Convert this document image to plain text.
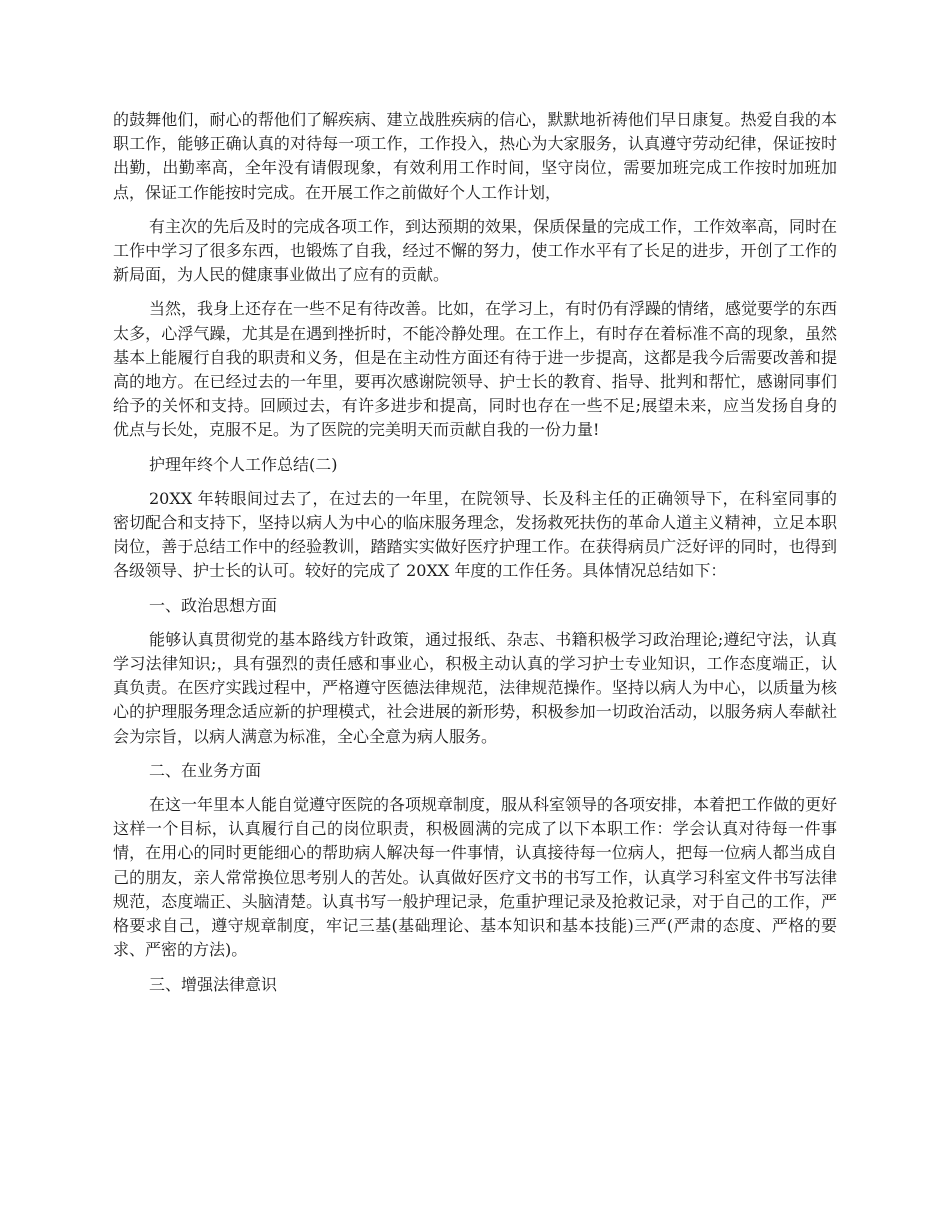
的鼓舞他们，耐心的帮他们了解疾病、建立战胜疾病的信心，默默地祈祷他们早日康复。热爱自我的本职工作，能够正确认真的对待每一项工作，工作投入，热心为大家服务，认真遵守劳动纪律，保证按时出勤，出勤率高，全年没有请假现象，有效利用工作时间，坚守岗位，需要加班完成工作按时加班加点，保证工作能按时完成。在开展工作之前做好个人工作计划，

有主次的先后及时的完成各项工作，到达预期的效果，保质保量的完成工作，工作效率高，同时在工作中学习了很多东西，也锻炼了自我，经过不懈的努力，使工作水平有了长足的进步，开创了工作的新局面，为人民的健康事业做出了应有的贡献。

当然，我身上还存在一些不足有待改善。比如，在学习上，有时仍有浮躁的情绪，感觉要学的东西太多，心浮气躁，尤其是在遇到挫折时，不能冷静处理。在工作上，有时存在着标准不高的现象，虽然基本上能履行自我的职责和义务，但是在主动性方面还有待于进一步提高，这都是我今后需要改善和提高的地方。在已经过去的一年里，要再次感谢院领导、护士长的教育、指导、批判和帮忙，感谢同事们给予的关怀和支持。回顾过去，有许多进步和提高，同时也存在一些不足;展望未来，应当发扬自身的优点与长处，克服不足。为了医院的完美明天而贡献自我的一份力量!

护理年终个人工作总结(二)

20XX 年转眼间过去了，在过去的一年里，在院领导、长及科主任的正确领导下，在科室同事的密切配合和支持下，坚持以病人为中心的临床服务理念，发扬救死扶伤的革命人道主义精神，立足本职岗位，善于总结工作中的经验教训，踏踏实实做好医疗护理工作。在获得病员广泛好评的同时，也得到各级领导、护士长的认可。较好的完成了 20XX 年度的工作任务。具体情况总结如下：

一、政治思想方面

能够认真贯彻党的基本路线方针政策，通过报纸、杂志、书籍积极学习政治理论;遵纪守法，认真学习法律知识;，具有强烈的责任感和事业心，积极主动认真的学习护士专业知识，工作态度端正，认真负责。在医疗实践过程中，严格遵守医德法律规范，法律规范操作。坚持以病人为中心，以质量为核心的护理服务理念适应新的护理模式，社会进展的新形势，积极参加一切政治活动，以服务病人奉献社会为宗旨，以病人满意为标准，全心全意为病人服务。

二、在业务方面

在这一年里本人能自觉遵守医院的各项规章制度，服从科室领导的各项安排，本着把工作做的更好这样一个目标，认真履行自己的岗位职责，积极圆满的完成了以下本职工作：学会认真对待每一件事情，在用心的同时更能细心的帮助病人解决每一件事情，认真接待每一位病人，把每一位病人都当成自己的朋友，亲人常常换位思考别人的苦处。认真做好医疗文书的书写工作，认真学习科室文件书写法律规范，态度端正、头脑清楚。认真书写一般护理记录，危重护理记录及抢救记录，对于自己的工作，严格要求自己，遵守规章制度，牢记三基(基础理论、基本知识和基本技能)三严(严肃的态度、严格的要求、严密的方法)。

三、增强法律意识
